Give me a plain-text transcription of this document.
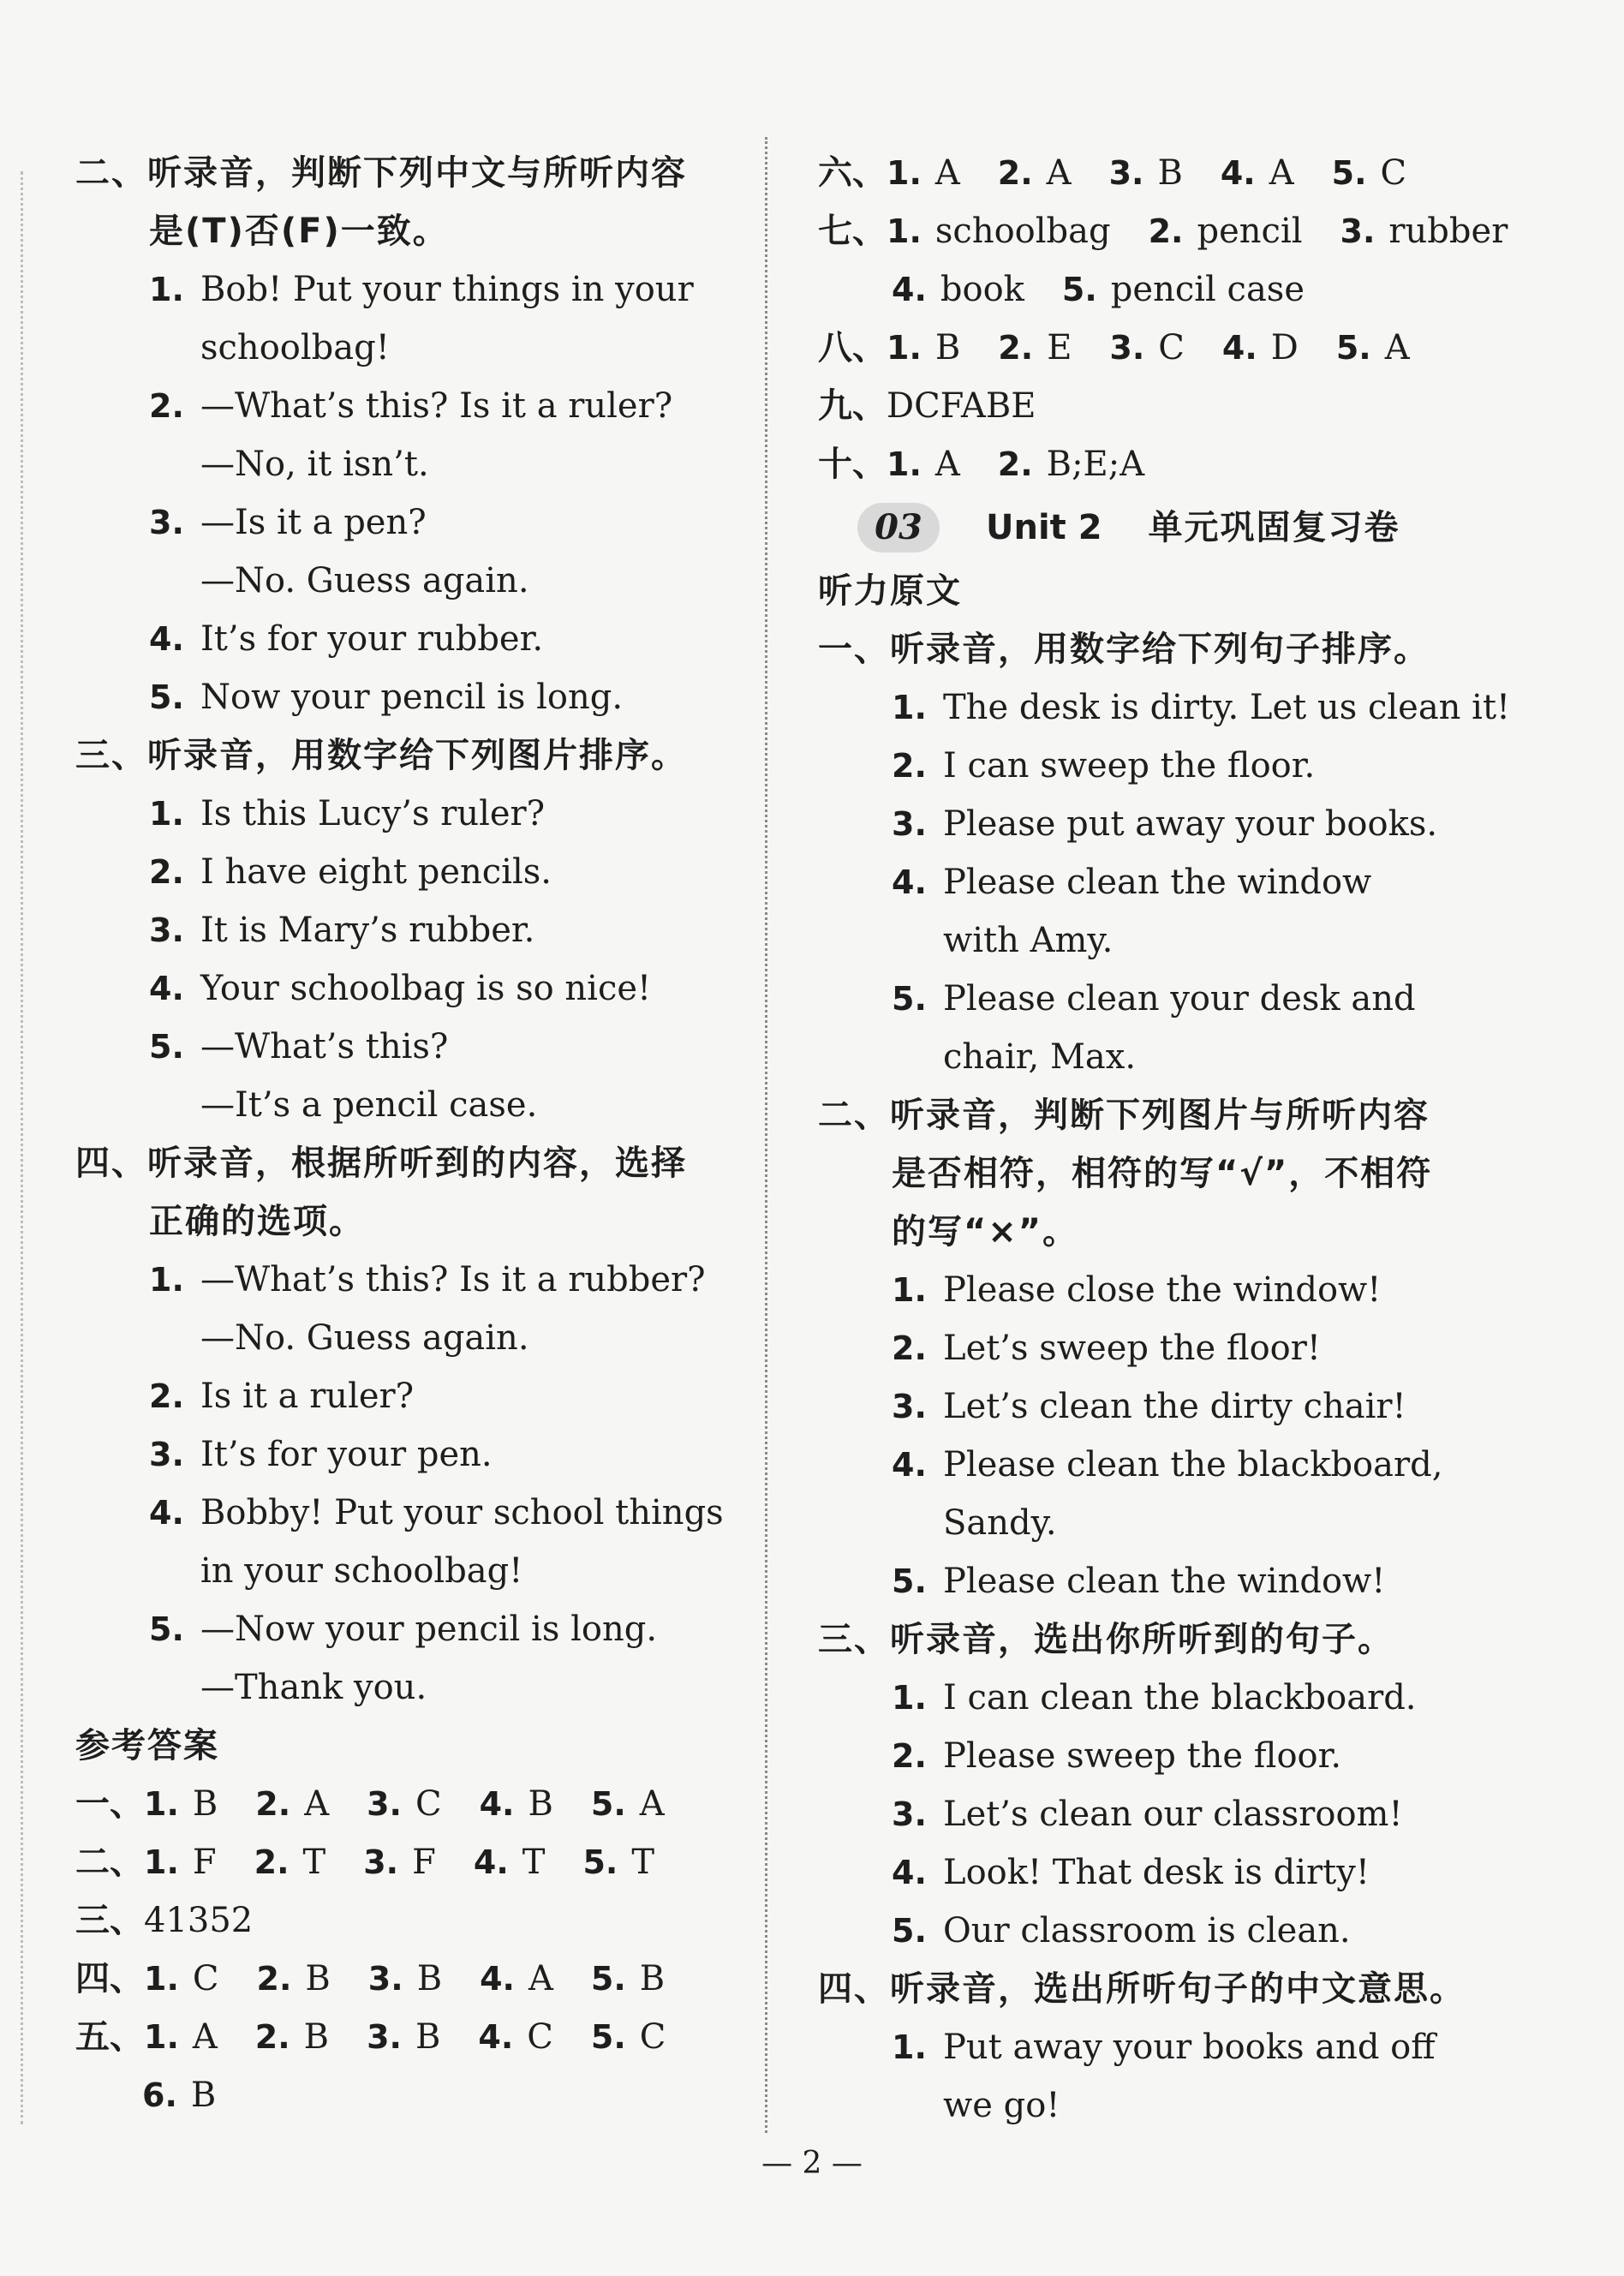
二、听录音，判断下列中文与所听内容
是(T)否(F)一致。
1. Bob! Put your things in your
schoolbag!
2. —What’s this? Is it a ruler?
—No, it isn’t.
3. —Is it a pen?
—No. Guess again.
4. It’s for your rubber.
5. Now your pencil is long.
三、听录音，用数字给下列图片排序。
1. Is this Lucy’s ruler?
2. I have eight pencils.
3. It is Mary’s rubber.
4. Your schoolbag is so nice!
5. —What’s this?
—It’s a pencil case.
四、听录音，根据所听到的内容，选择
正确的选项。
1. —What’s this? Is it a rubber?
—No. Guess again.
2. Is it a ruler?
3. It’s for your pen.
4. Bobby! Put your school things
in your schoolbag!
5. —Now your pencil is long.
—Thank you.
参考答案
一、 1. B 2. A 3. C 4. B 5. A
二、 1. F 2. T 3. F 4. T 5. T
三、 41352
四、 1. C 2. B 3. B 4. A 5. B
五、 1. A 2. B 3. B 4. C 5. C
6. B
六、 1. A 2. A 3. B 4. A 5. C
七、 1. schoolbag 2. pencil 3. rubber
4. book 5. pencil case
八、 1. B 2. E 3. C 4. D 5. A
九、 DCFABE
十、 1. A 2. B;E;A
03	Unit 2 单元巩固复习卷
听力原文
一、听录音，用数字给下列句子排序。
1. The desk is dirty. Let us clean it!
2. I can sweep the floor.
3. Please put away your books.
4. Please clean the window
with Amy.
5. Please clean your desk and
chair, Max.
二、听录音，判断下列图片与所听内容
是否相符，相符的写“√”，不相符
的写“×”。
1. Please close the window!
2. Let’s sweep the floor!
3. Let’s clean the dirty chair!
4. Please clean the blackboard,
Sandy.
5. Please clean the window!
三、听录音，选出你所听到的句子。
1. I can clean the blackboard.
2. Please sweep the floor.
3. Let’s clean our classroom!
4. Look! That desk is dirty!
5. Our classroom is clean.
四、听录音，选出所听句子的中文意思。
1. Put away your books and off
we go!
— 2 —
